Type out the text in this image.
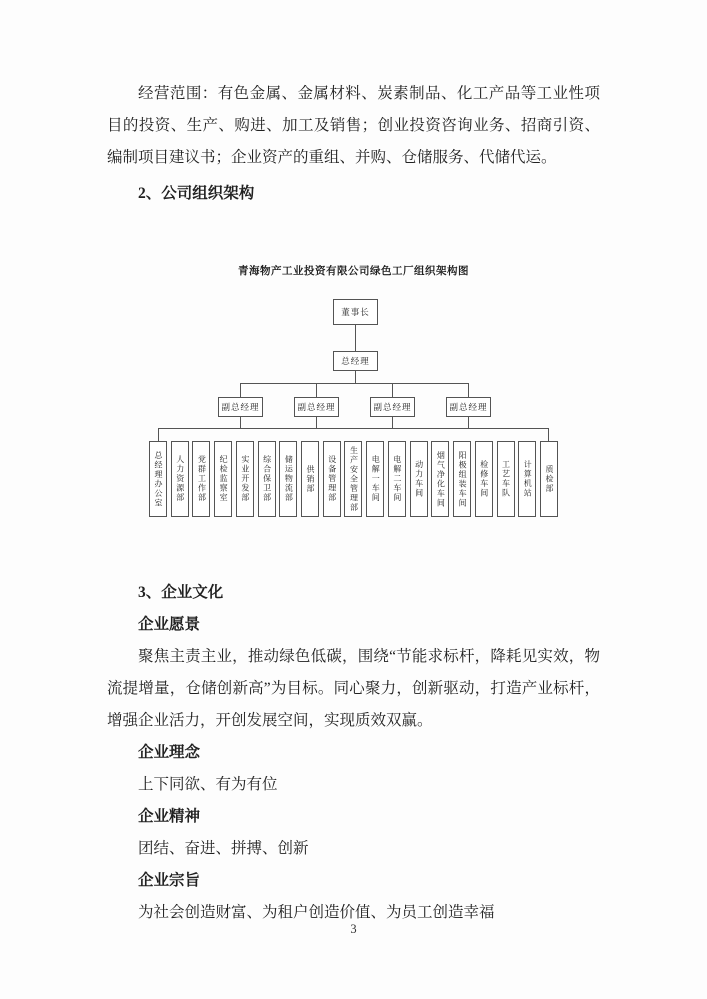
经营范围：有色金属、金属材料、炭素制品、化工产品等工业性项目的投资、生产、购进、加工及销售；创业投资咨询业务、招商引资、编制项目建议书；企业资产的重组、并购、仓储服务、代储代运。

2、公司组织架构
青海物产工业投资有限公司绿色工厂组织架构图
董事长
总经理
副总经理	副总经理	副总经理	副总经理
总经理办公室	人力资源部	党群工作部	纪检监察室	实业开发部	综合保卫部	储运物流部	供销部	设备管理部	生产安全管理部	电解一车间	电解二车间	动力车间	烟气净化车间	阳极组装车间	检修车间	工艺车队	计算机站	质检部
3、企业文化
企业愿景

聚焦主责主业，推动绿色低碳，围绕“节能求标杆，降耗见实效，物流提增量，仓储创新高”为目标。同心聚力，创新驱动，打造产业标杆，增强企业活力，开创发展空间，实现质效双赢。

企业理念
上下同欲、有为有位
企业精神
团结、奋进、拼搏、创新
企业宗旨
为社会创造财富、为租户创造价值、为员工创造幸福
3
